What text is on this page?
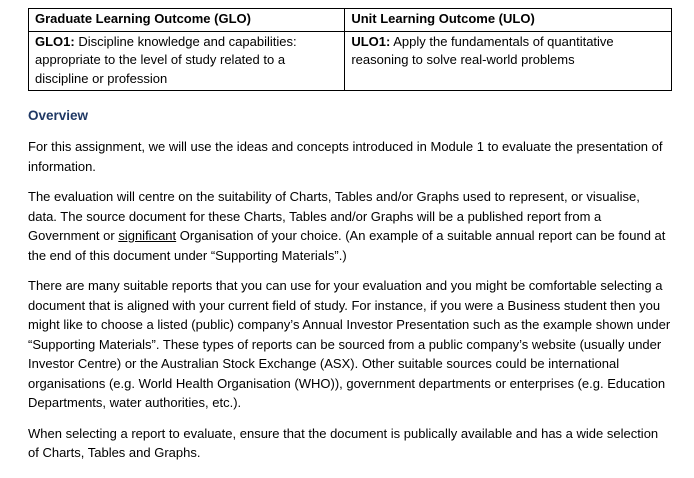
Graduate Learning Outcome (GLO)	Unit Learning Outcome (ULO)
GLO1: Discipline knowledge and capabilities: appropriate to the level of study related to a discipline or profession	ULO1: Apply the fundamentals of quantitative reasoning to solve real-world problems
Overview

For this assignment, we will use the ideas and concepts introduced in Module 1 to evaluate the presentation of information.

The evaluation will centre on the suitability of Charts, Tables and/or Graphs used to represent, or visualise, data. The source document for these Charts, Tables and/or Graphs will be a published report from a Government or significant Organisation of your choice. (An example of a suitable annual report can be found at the end of this document under “Supporting Materials”.)

There are many suitable reports that you can use for your evaluation and you might be comfortable selecting a document that is aligned with your current field of study. For instance, if you were a Business student then you might like to choose a listed (public) company’s Annual Investor Presentation such as the example shown under “Supporting Materials”. These types of reports can be sourced from a public company’s website (usually under Investor Centre) or the Australian Stock Exchange (ASX). Other suitable sources could be international organisations (e.g. World Health Organisation (WHO)), government departments or enterprises (e.g. Education Departments, water authorities, etc.).

When selecting a report to evaluate, ensure that the document is publically available and has a wide selection of Charts, Tables and Graphs.
